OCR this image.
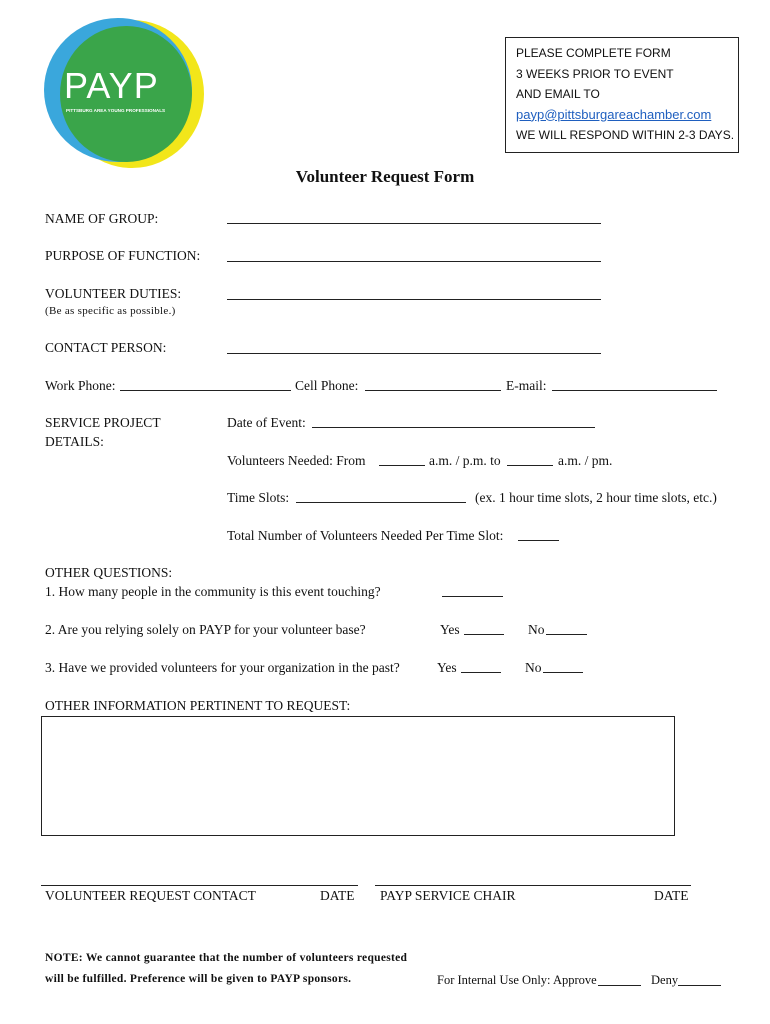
PAYP
PITTSBURG AREA YOUNG PROFESSIONALS
PLEASE COMPLETE FORM
3 WEEKS PRIOR TO EVENT
AND EMAIL TO
payp@pittsburgareachamber.com
WE WILL RESPOND WITHIN 2-3 DAYS.
Volunteer Request Form
NAME OF GROUP:
PURPOSE OF FUNCTION:
VOLUNTEER DUTIES:
(Be as specific as possible.)
CONTACT PERSON:
Work Phone:	Cell Phone:	E-mail:
SERVICE PROJECT
DETAILS:
Date of Event:
Volunteers Needed: From	a.m. / p.m. to	a.m. / pm.
Time Slots:	(ex. 1 hour time slots, 2 hour time slots, etc.)
Total Number of Volunteers Needed Per Time Slot:
OTHER QUESTIONS:
1. How many people in the community is this event touching?
2. Are you relying solely on PAYP for your volunteer base?	Yes	No
3. Have we provided volunteers for your organization in the past?	Yes	No
OTHER INFORMATION PERTINENT TO REQUEST:
VOLUNTEER REQUEST CONTACT	DATE PAYP SERVICE CHAIR	DATE
NOTE: We cannot guarantee that the number of volunteers requested
will be fulfilled. Preference will be given to PAYP sponsors.	For Internal Use Only: Approve	Deny
